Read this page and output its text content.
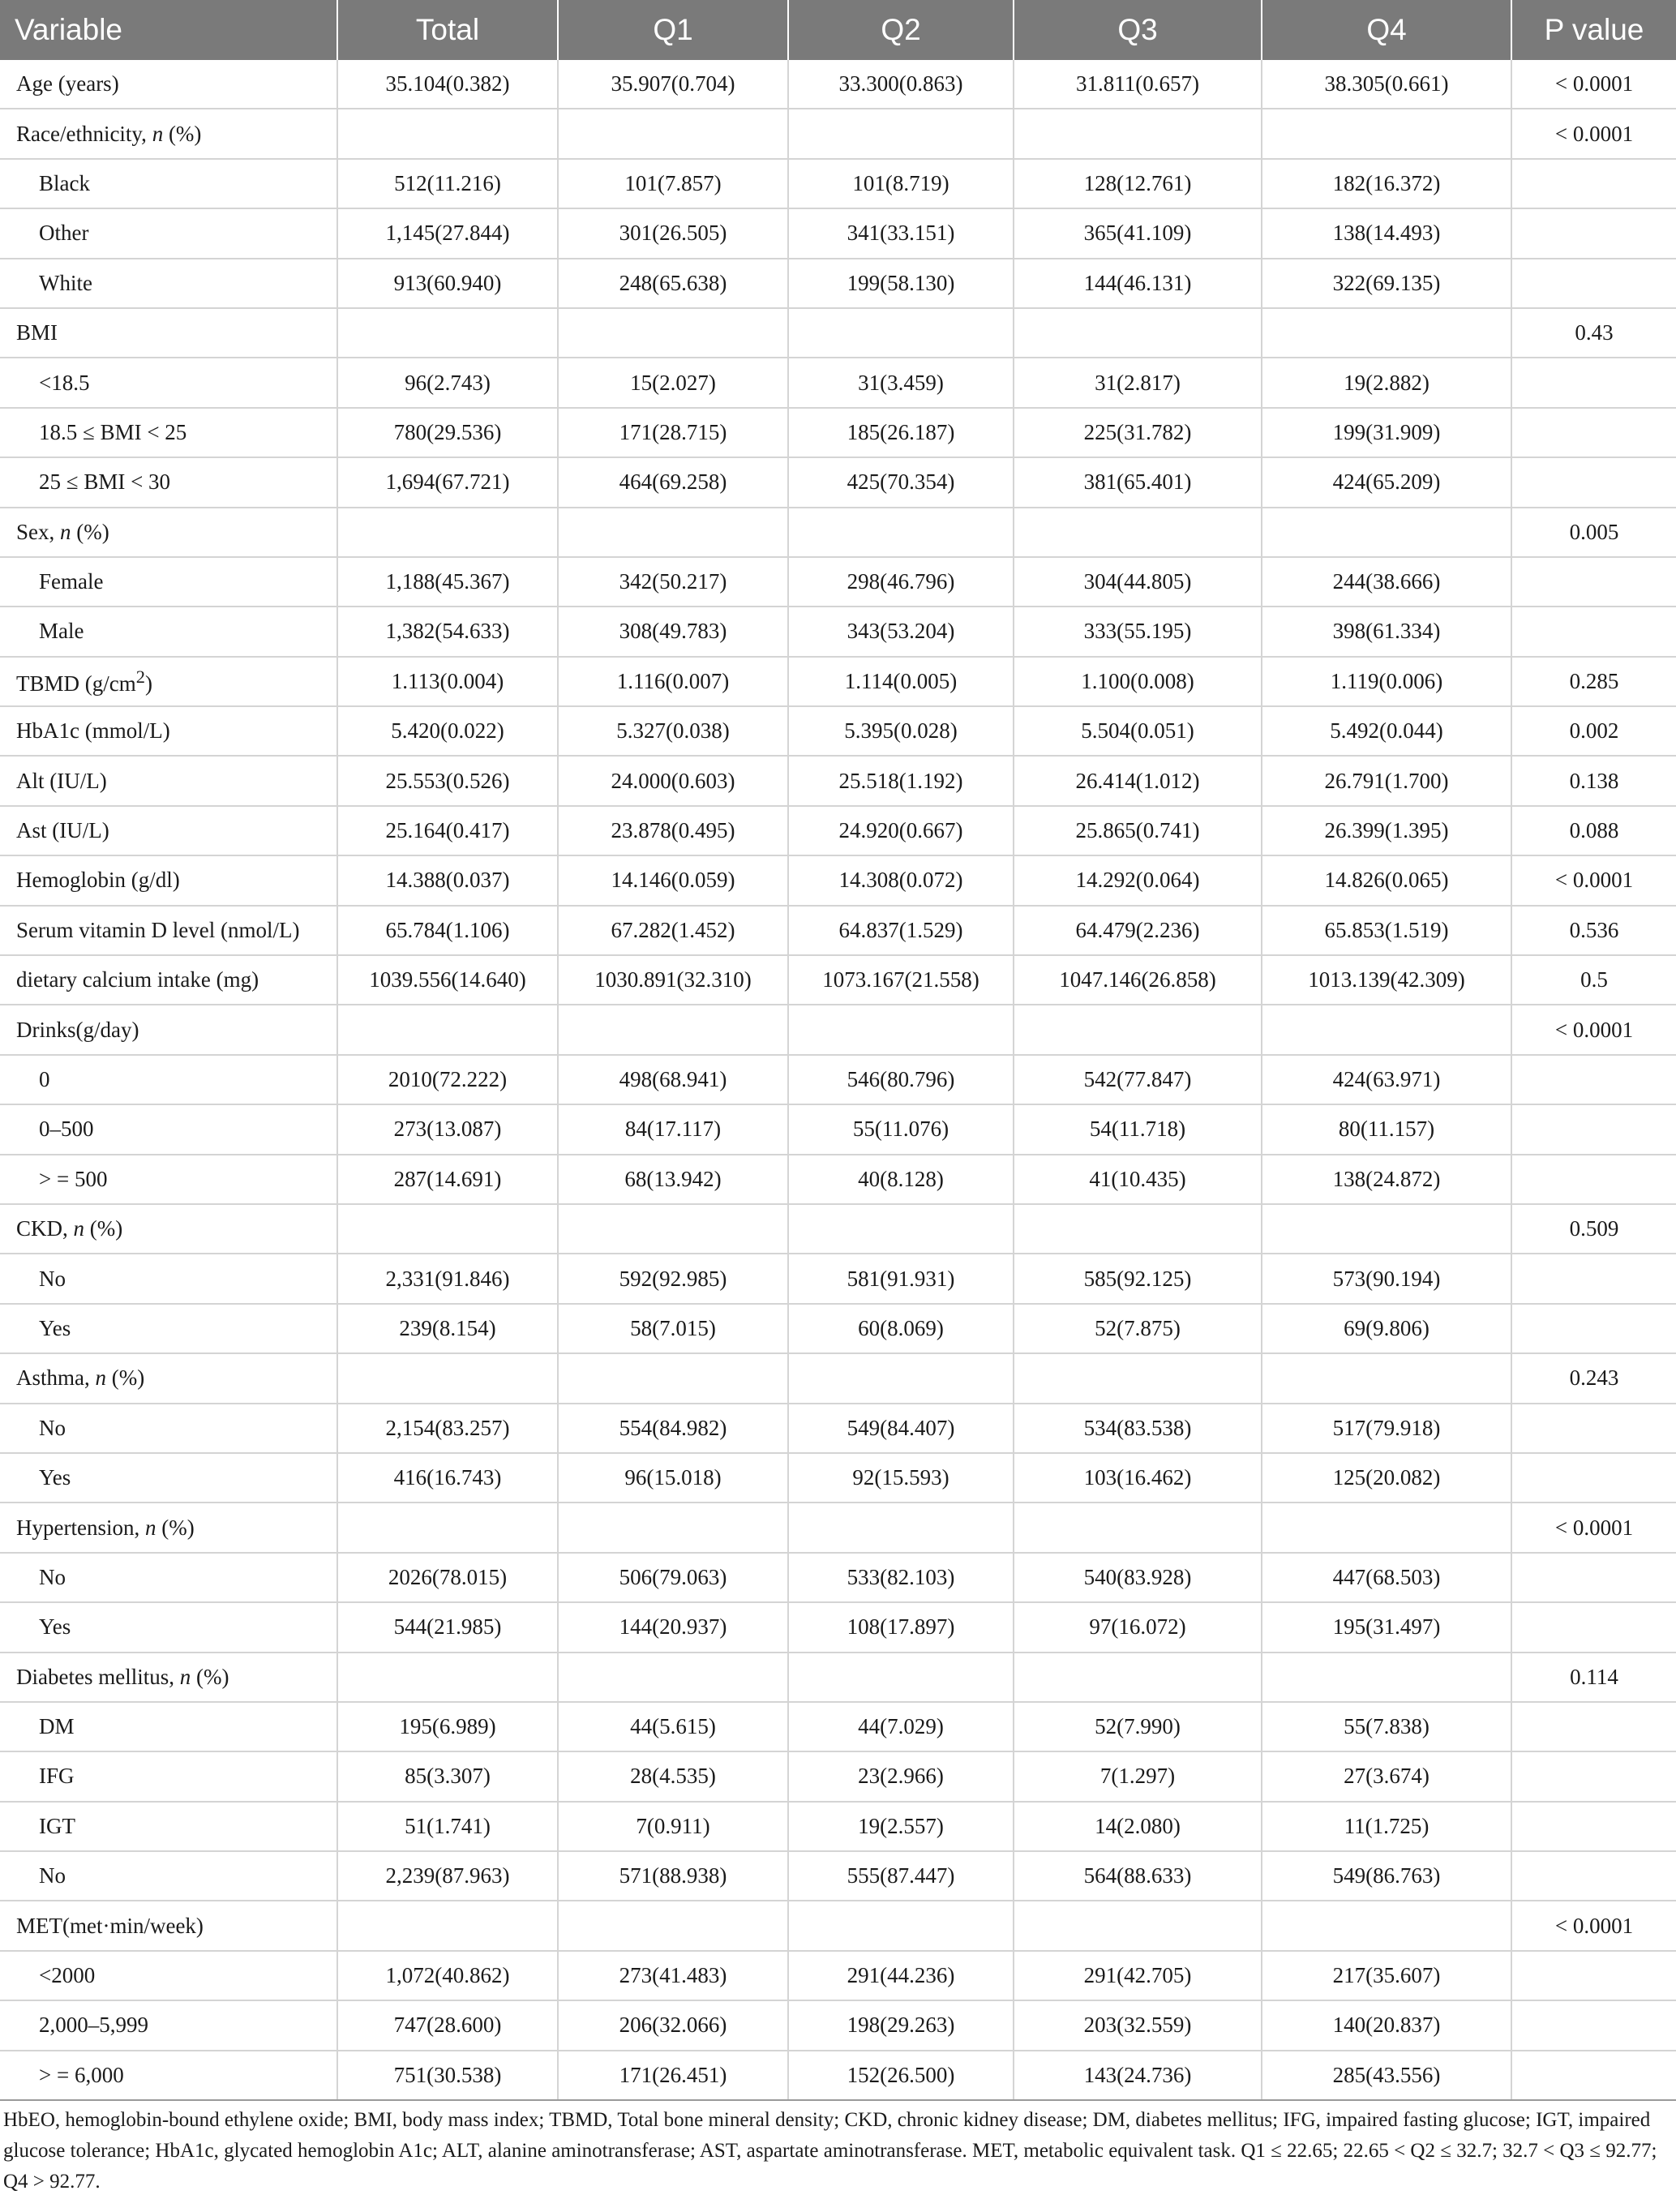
Variable	Total	Q1	Q2	Q3	Q4	P value
Age (years)	35.104(0.382)	35.907(0.704)	33.300(0.863)	31.811(0.657)	38.305(0.661)	< 0.0001
Race/ethnicity, n (%)						< 0.0001
Black	512(11.216)	101(7.857)	101(8.719)	128(12.761)	182(16.372)	
Other	1,145(27.844)	301(26.505)	341(33.151)	365(41.109)	138(14.493)	
White	913(60.940)	248(65.638)	199(58.130)	144(46.131)	322(69.135)	
BMI						0.43
<18.5	96(2.743)	15(2.027)	31(3.459)	31(2.817)	19(2.882)	
18.5 ≤ BMI < 25	780(29.536)	171(28.715)	185(26.187)	225(31.782)	199(31.909)	
25 ≤ BMI < 30	1,694(67.721)	464(69.258)	425(70.354)	381(65.401)	424(65.209)	
Sex, n (%)						0.005
Female	1,188(45.367)	342(50.217)	298(46.796)	304(44.805)	244(38.666)	
Male	1,382(54.633)	308(49.783)	343(53.204)	333(55.195)	398(61.334)	
TBMD $(g/cm^2)$	1.113(0.004)	1.116(0.007)	1.114(0.005)	1.100(0.008)	1.119(0.006)	0.285
HbA1c (mmol/L)	5.420(0.022)	5.327(0.038)	5.395(0.028)	5.504(0.051)	5.492(0.044)	0.002
Alt (IU/L)	25.553(0.526)	24.000(0.603)	25.518(1.192)	26.414(1.012)	26.791(1.700)	0.138
Ast (IU/L)	25.164(0.417)	23.878(0.495)	24.920(0.667)	25.865(0.741)	26.399(1.395)	0.088
Hemoglobin (g/dl)	14.388(0.037)	14.146(0.059)	14.308(0.072)	14.292(0.064)	14.826(0.065)	< 0.0001
Serum vitamin D level (nmol/L)	65.784(1.106)	67.282(1.452)	64.837(1.529)	64.479(2.236)	65.853(1.519)	0.536
dietary calcium intake (mg)	1039.556(14.640)	1030.891(32.310)	1073.167(21.558)	1047.146(26.858)	1013.139(42.309)	0.5
Drinks(g/day)						< 0.0001
0	2010(72.222)	498(68.941)	546(80.796)	542(77.847)	424(63.971)	
0–500	273(13.087)	84(17.117)	55(11.076)	54(11.718)	80(11.157)	
> = 500	287(14.691)	68(13.942)	40(8.128)	41(10.435)	138(24.872)	
CKD, n (%)						0.509
No	2,331(91.846)	592(92.985)	581(91.931)	585(92.125)	573(90.194)	
Yes	239(8.154)	58(7.015)	60(8.069)	52(7.875)	69(9.806)	
Asthma, n (%)						0.243
No	2,154(83.257)	554(84.982)	549(84.407)	534(83.538)	517(79.918)	
Yes	416(16.743)	96(15.018)	92(15.593)	103(16.462)	125(20.082)	
Hypertension, n (%)						< 0.0001
No	2026(78.015)	506(79.063)	533(82.103)	540(83.928)	447(68.503)	
Yes	544(21.985)	144(20.937)	108(17.897)	97(16.072)	195(31.497)	
Diabetes mellitus, n (%)						0.114
DM	195(6.989)	44(5.615)	44(7.029)	52(7.990)	55(7.838)	
IFG	85(3.307)	28(4.535)	23(2.966)	7(1.297)	27(3.674)	
IGT	51(1.741)	7(0.911)	19(2.557)	14(2.080)	11(1.725)	
No	2,239(87.963)	571(88.938)	555(87.447)	564(88.633)	549(86.763)	
MET(met·min/week)						< 0.0001
<2000	1,072(40.862)	273(41.483)	291(44.236)	291(42.705)	217(35.607)	
2,000–5,999	747(28.600)	206(32.066)	198(29.263)	203(32.559)	140(20.837)	
> = 6,000	751(30.538)	171(26.451)	152(26.500)	143(24.736)	285(43.556)	
HbEO, hemoglobin-bound ethylene oxide; BMI, body mass index; TBMD, Total bone mineral density; CKD, chronic kidney disease; DM, diabetes mellitus; IFG, impaired fasting glucose; IGT, impaired glucose tolerance; HbA1c, glycated hemoglobin A1c; ALT, alanine aminotransferase; AST, aspartate aminotransferase. MET, metabolic equivalent task. Q1 ≤ 22.65; 22.65 < Q2 ≤ 32.7; 32.7 < Q3 ≤ 92.77; Q4 > 92.77.
